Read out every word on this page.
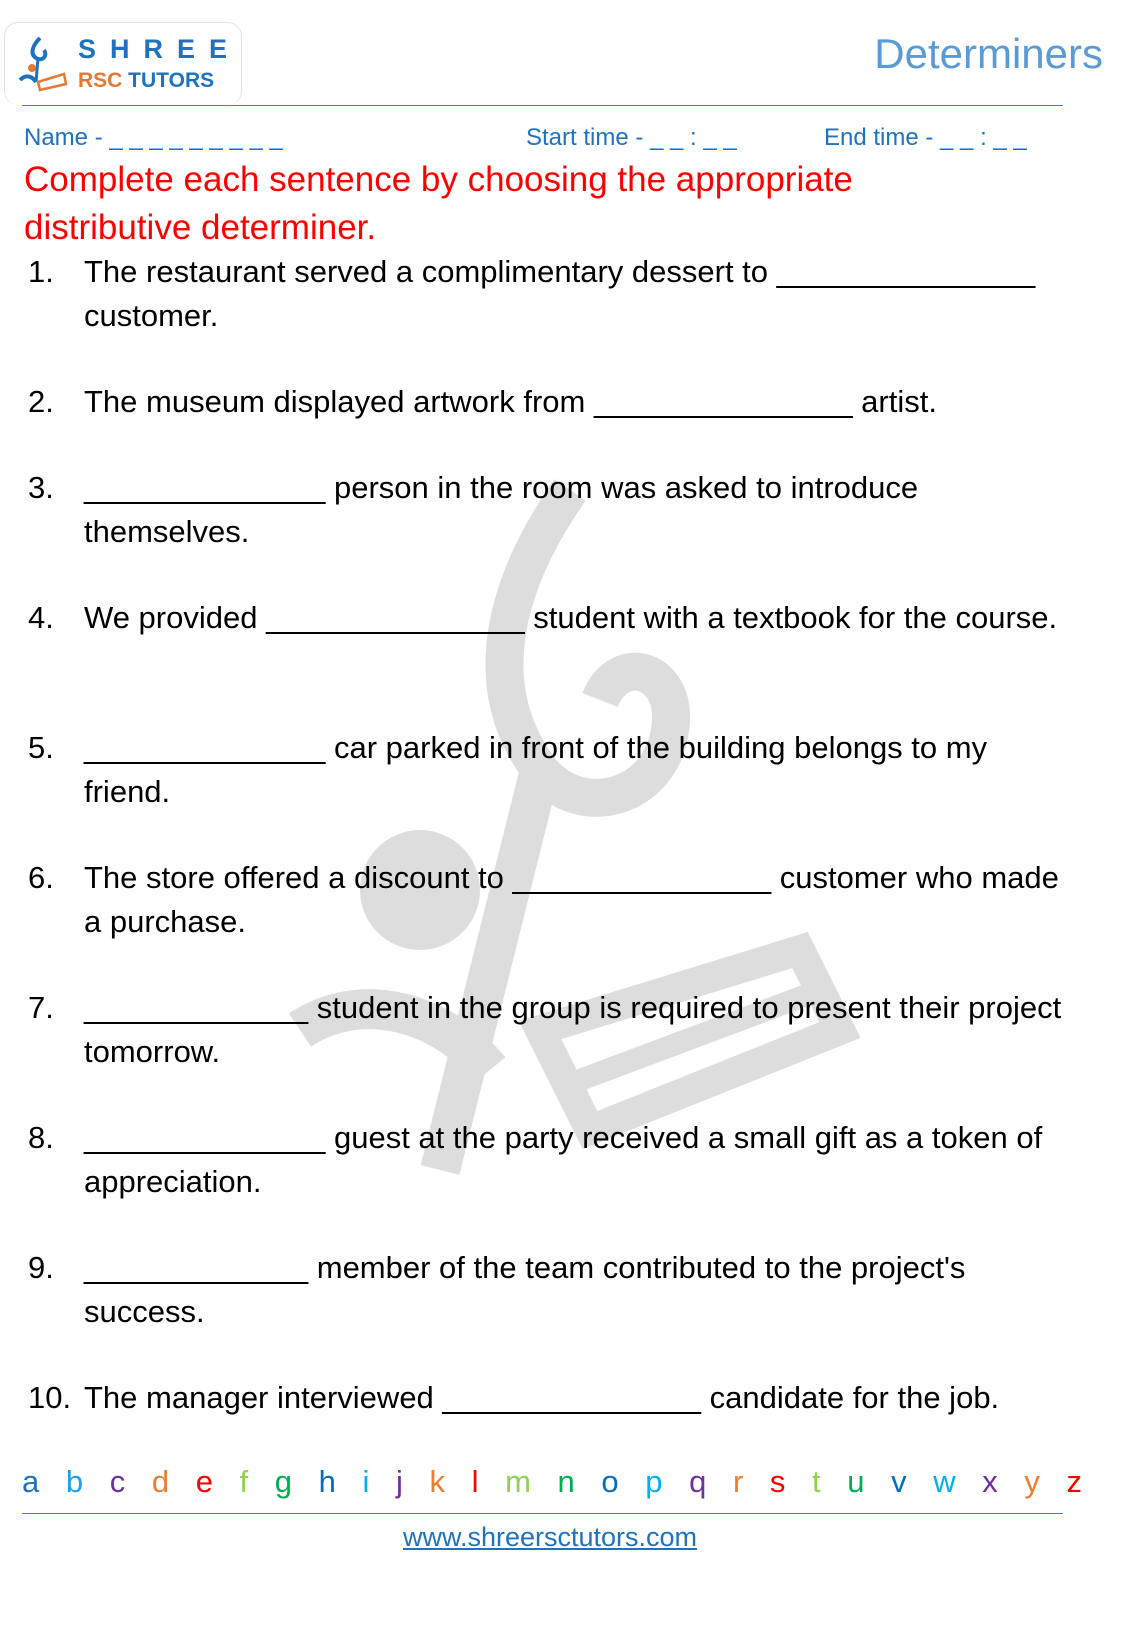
SHREE
RSC TUTORS
Determiners
Name - _ _ _ _ _ _ _ _ _	Start time - _ _ : _ _	End time - _ _ : _ _
Complete each sentence by choosing the appropriate distributive determiner.
1. The restaurant served a complimentary dessert to _______________ customer.
2. The museum displayed artwork from _______________ artist.
3. ______________ person in the room was asked to introduce themselves.
4. We provided _______________ student with a textbook for the course.
5. ______________ car parked in front of the building belongs to my friend.
6. The store offered a discount to _______________ customer who made a purchase.
7. _____________ student in the group is required to present their project tomorrow.
8. ______________ guest at the party received a small gift as a token of appreciation.
9. _____________ member of the team contributed to the project's success.
10. The manager interviewed _______________ candidate for the job.
a b c d e f g h i j k l m n o p q r s t u v w x y z
www.shreersctutors.com
